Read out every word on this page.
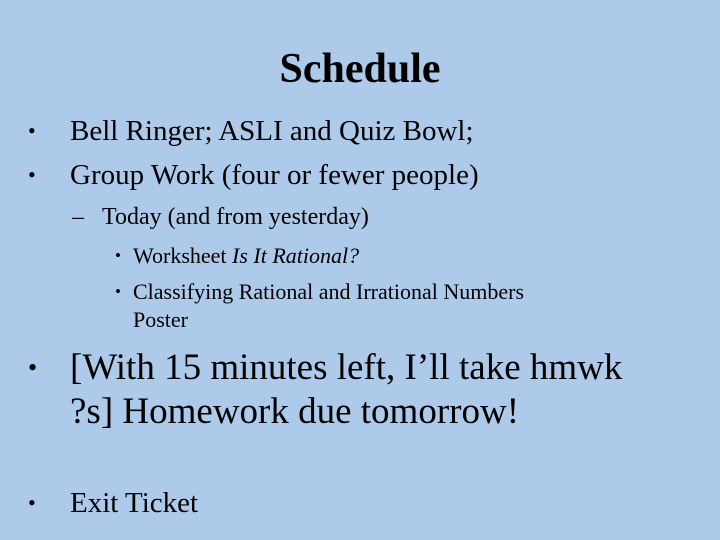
Schedule
•	Bell Ringer; ASLI and Quiz Bowl;
•	Group Work (four or fewer people)
– Today (and from yesterday)
• Worksheet Is It Rational?
• Classifying Rational and Irrational Numbers
Poster
• [With 15 minutes left, I’ll take hmwk ?s] Homework due tomorrow!
•	Exit Ticket
